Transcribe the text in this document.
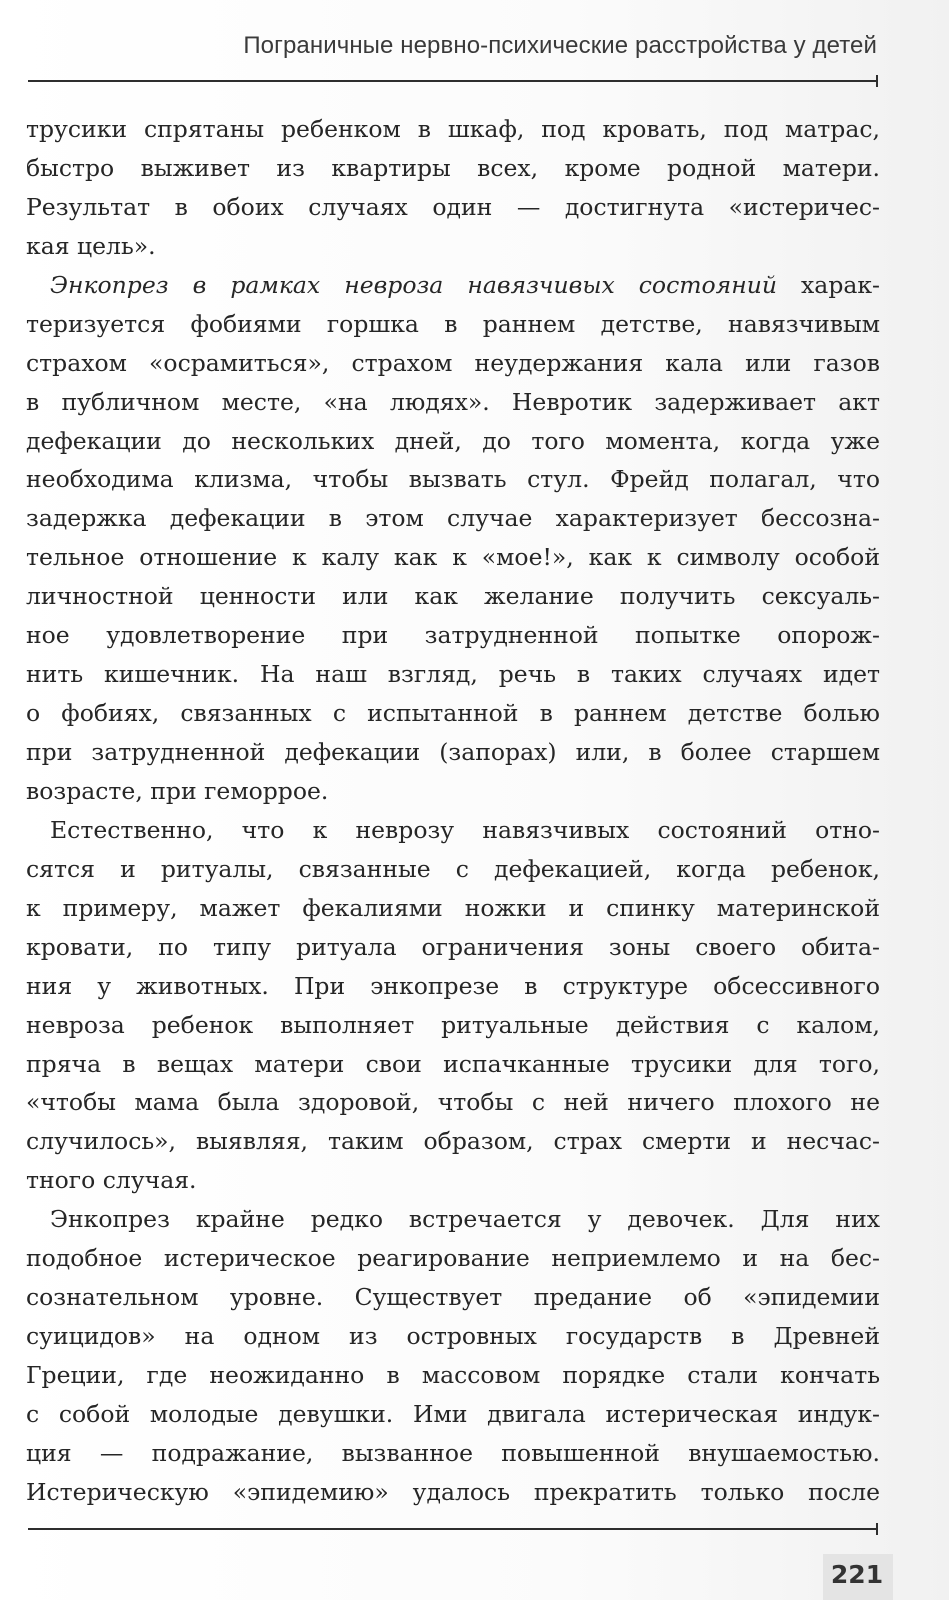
Пограничные нервно-психические расстройства у детей
трусики спрятаны ребенком в шкаф, под кровать, под матрас,
быстро выживет из квартиры всех, кроме родной матери.
Результат в обоих случаях один — достигнута «истеричес-
кая цель».
Энкопрез в рамках невроза навязчивых состояний харак-
теризуется фобиями горшка в раннем детстве, навязчивым
страхом «осрамиться», страхом неудержания кала или газов
в публичном месте, «на людях». Невротик задерживает акт
дефекации до нескольких дней, до того момента, когда уже
необходима клизма, чтобы вызвать стул. Фрейд полагал, что
задержка дефекации в этом случае характеризует бессозна-
тельное отношение к калу как к «мое!», как к символу особой
личностной ценности или как желание получить сексуаль-
ное удовлетворение при затрудненной попытке опорож-
нить кишечник. На наш взгляд, речь в таких случаях идет
о фобиях, связанных с испытанной в раннем детстве болью
при затрудненной дефекации (запорах) или, в более старшем
возрасте, при геморрое.
Естественно, что к неврозу навязчивых состояний отно-
сятся и ритуалы, связанные с дефекацией, когда ребенок,
к примеру, мажет фекалиями ножки и спинку материнской
кровати, по типу ритуала ограничения зоны своего обита-
ния у животных. При энкопрезе в структуре обсессивного
невроза ребенок выполняет ритуальные действия с калом,
пряча в вещах матери свои испачканные трусики для того,
«чтобы мама была здоровой, чтобы с ней ничего плохого не
случилось», выявляя, таким образом, страх смерти и несчас-
тного случая.
Энкопрез крайне редко встречается у девочек. Для них
подобное истерическое реагирование неприемлемо и на бес-
сознательном уровне. Существует предание об «эпидемии
суицидов» на одном из островных государств в Древней
Греции, где неожиданно в массовом порядке стали кончать
с собой молодые девушки. Ими двигала истерическая индук-
ция — подражание, вызванное повышенной внушаемостью.
Истерическую «эпидемию» удалось прекратить только после
221
